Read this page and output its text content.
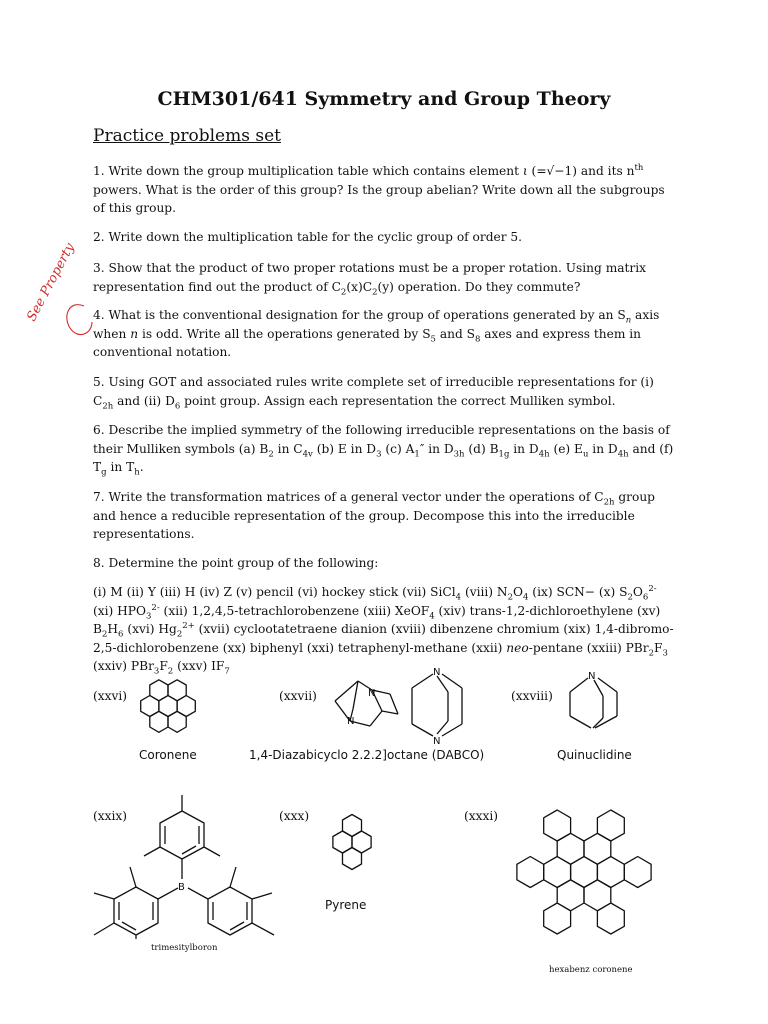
CHM301/641 Symmetry and Group Theory
Practice problems set
See Property
1. Write down the group multiplication table which contains element ι (=√−1) and its $n^{th}$ powers. What is the order of this group? Is the group abelian? Write down all the subgroups of this group.
2. Write down the multiplication table for the cyclic group of order 5.
3. Show that the product of two proper rotations must be a proper rotation. Using matrix representation find out the product of $C_2(x)C_2(y)$ operation. Do they commute?
4. What is the conventional designation for the group of operations generated by an $S_n$ axis when n is odd. Write all the operations generated by $S_5$ and $S_8$ axes and express them in conventional notation.
5. Using GOT and associated rules write complete set of irreducible representations for (i) $C_{2h}$ and (ii) $D_6$ point group. Assign each representation the correct Mulliken symbol.
6. Describe the implied symmetry of the following irreducible representations on the basis of their Mulliken symbols (a) $B_2$ in $C_{4v}$ (b) E in $D_3$ (c) $A_1''$ in $D_{3h}$ (d) $B_{1g}$ in $D_{4h}$ (e) $E_u$ in $D_{4h}$ and (f) $T_g$ in $T_h$.
7. Write the transformation matrices of a general vector under the operations of $C_{2h}$ group and hence a reducible representation of the group. Decompose this into the irreducible representations.
8. Determine the point group of the following:
(i) M (ii) Y (iii) H (iv) Z (v) pencil (vi) hockey stick (vii) SiCl$_4$ (viii) $N_2O_4$ (ix) SCN− (x) $S_2O_6^{2-}$ (xi) $HPO_3^{2-}$ (xii) 1,2,4,5-tetrachlorobenzene (xiii) XeOF$_4$ (xiv) trans-1,2-dichloroethylene (xv) $B_2H_6$ (xvi) $Hg_2^{2+}$ (xvii) cyclootatetraene dianion (xviii) dibenzene chromium (xix) 1,4-dibromo-2,5-dichlorobenzene (xx) biphenyl (xxi) tetraphenyl-methane (xxii) neo-pentane (xxiii) $PBr_2F_3$ (xxiv) $PBr_3F_2$ (xxv) $IF_7$
(xxvi)	(xxvii)	(xxviii)
(xxix)	(xxx)	(xxxi)
Coronene
N
N
N
N
1,4-Diazabicyclo 2.2.2]octane (DABCO)
N
Quinuclidine
B
trimesitylboron
Pyrene
hexabenz coronene
